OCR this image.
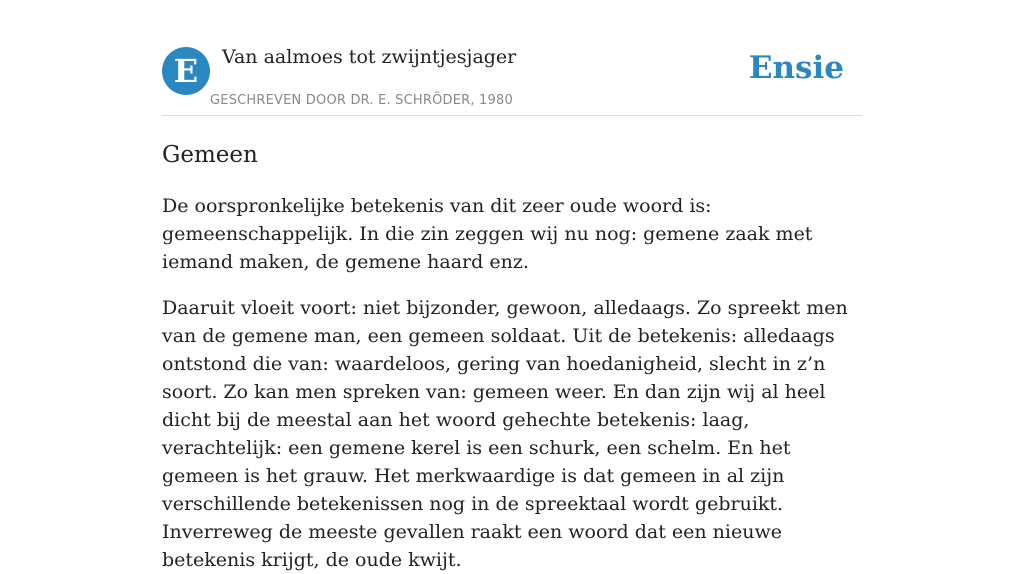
E	Van aalmoes tot zwijntjesjager
GESCHREVEN DOOR DR. E. SCHRÖDER, 1980
Ensie
Gemeen

De oorspronkelijke betekenis van dit zeer oude woord is: gemeenschappelijk. In die zin zeggen wij nu nog: gemene zaak met iemand maken, de gemene haard enz.

Daaruit vloeit voort: niet bijzonder, gewoon, alledaags. Zo spreekt men van de gemene man, een gemeen soldaat. Uit de betekenis: alledaags ontstond die van: waardeloos, gering van hoedanigheid, slecht in z’n soort. Zo kan men spreken van: gemeen weer. En dan zijn wij al heel dicht bij de meestal aan het woord gehechte betekenis: laag, verachtelijk: een gemene kerel is een schurk, een schelm. En het gemeen is het grauw. Het merkwaardige is dat gemeen in al zijn verschillende betekenissen nog in de spreektaal wordt gebruikt. Inverreweg de meeste gevallen raakt een woord dat een nieuwe betekenis krijgt, de oude kwijt.
